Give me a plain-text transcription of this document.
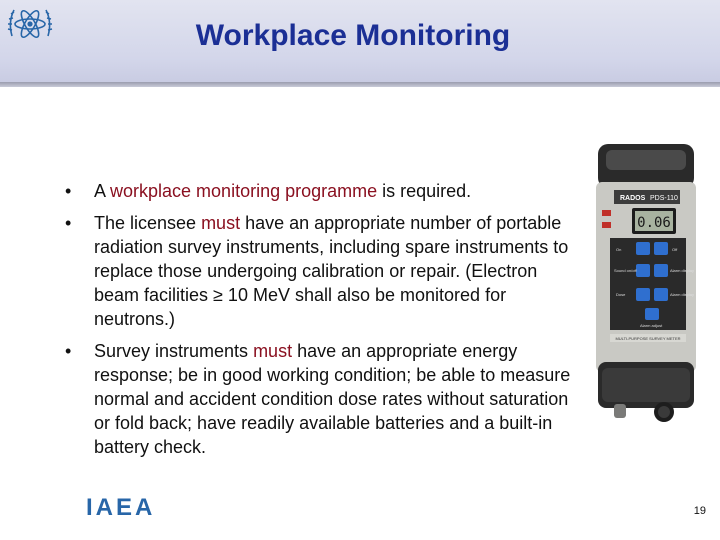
Workplace Monitoring
•	A workplace monitoring programme is required.
•	The licensee must have an appropriate number of portable radiation survey instruments, including spare instruments to replace those undergoing calibration or repair. (Electron beam facilities ≥ 10 MeV shall also be monitored for neutrons.)
•	Survey instruments must have an appropriate energy response; be in good working condition; be able to measure normal and accident condition dose rates without saturation or fold back; have readily available batteries and a built-in battery check.
RADOS PDS-110
0.06
On	Off
Sound on/off	Alarm display
Dose	Alarm display
Alarm adjust
MULTI-PURPOSE SURVEY METER
IAEA	19
